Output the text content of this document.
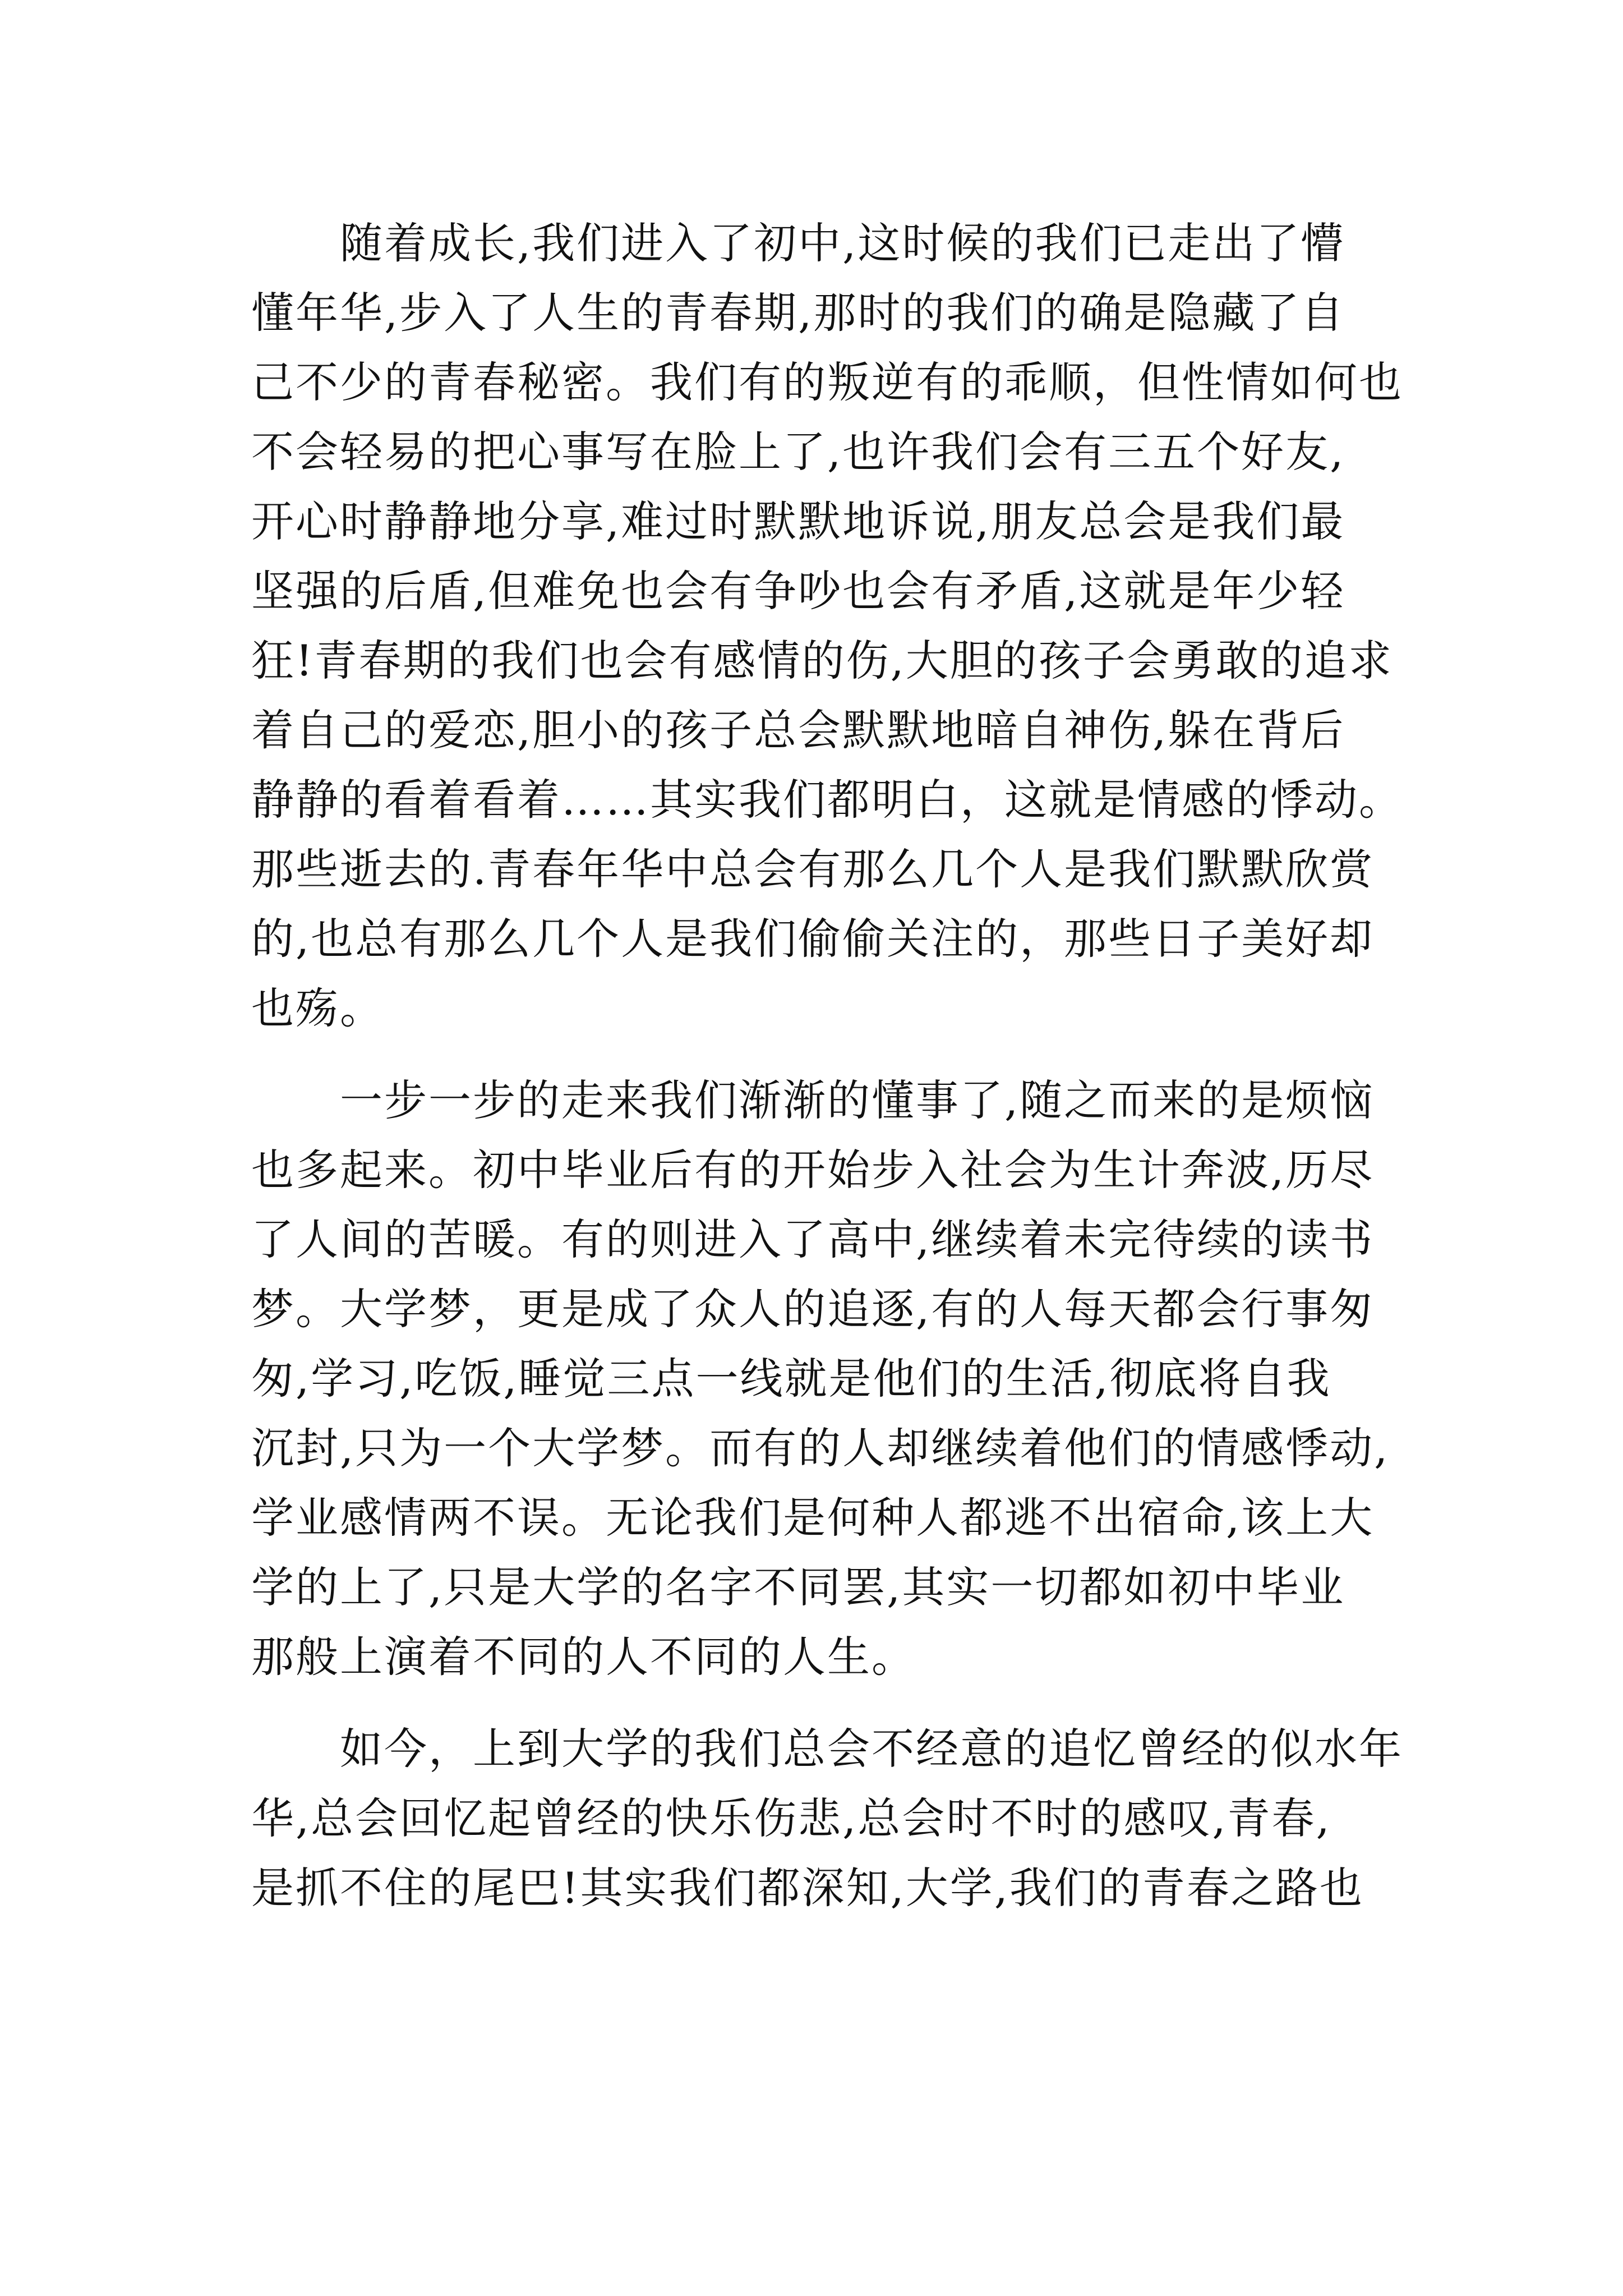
　　随着成长,我们进入了初中,这时候的我们已走出了懵
懂年华,步入了人生的青春期,那时的我们的确是隐藏了自
己不少的青春秘密。我们有的叛逆有的乖顺，但性情如何也
不会轻易的把心事写在脸上了,也许我们会有三五个好友,
开心时静静地分享,难过时默默地诉说,朋友总会是我们最
坚强的后盾,但难免也会有争吵也会有矛盾,这就是年少轻
狂!青春期的我们也会有感情的伤,大胆的孩子会勇敢的追求
着自己的爱恋,胆小的孩子总会默默地暗自神伤,躲在背后
静静的看着看着……其实我们都明白，这就是情感的悸动。
那些逝去的.青春年华中总会有那么几个人是我们默默欣赏
的,也总有那么几个人是我们偷偷关注的，那些日子美好却
也殇。
　　一步一步的走来我们渐渐的懂事了,随之而来的是烦恼
也多起来。初中毕业后有的开始步入社会为生计奔波,历尽
了人间的苦暖。有的则进入了高中,继续着未完待续的读书
梦。大学梦，更是成了众人的追逐,有的人每天都会行事匆
匆,学习,吃饭,睡觉三点一线就是他们的生活,彻底将自我
沉封,只为一个大学梦。而有的人却继续着他们的情感悸动,
学业感情两不误。无论我们是何种人都逃不出宿命,该上大
学的上了,只是大学的名字不同罢,其实一切都如初中毕业
那般上演着不同的人不同的人生。
　　如今，上到大学的我们总会不经意的追忆曾经的似水年
华,总会回忆起曾经的快乐伤悲,总会时不时的感叹,青春,
是抓不住的尾巴!其实我们都深知,大学,我们的青春之路也
